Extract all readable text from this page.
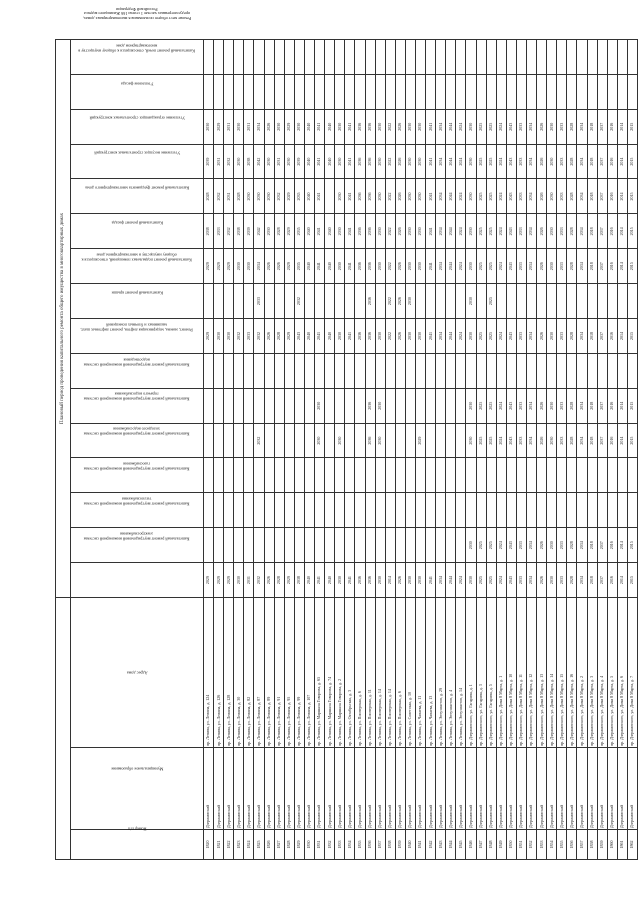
			Плановый период проведения капитального ремонта общего имущества в многоквартирных домах															
Номер п/п	Муниципальное образование	Адрес дома	Капитальный ремонт внутридомовой инженерной системы электроснабжения	Капитальный ремонт внутридомовой инженерной системы теплоснабжения	Капитальный ремонт внутридомовой инженерной системы газоснабжения	Капитальный ремонт внутридомовой инженерной системы холодного водоснабжения	Капитальный ремонт внутридомовой инженерной системы горячего водоснабжения	Капитальный ремонт внутридомовой инженерной системы водоотведения	Ремонт, замена, модернизация лифтов, ремонт лифтовых шахт, машинных и блочных помещений	Капитальный ремонт крыши	Капитальный ремонт подвальных помещений, относящихся к общему имуществу в многоквартирном доме	Капитальный ремонт фасада	Капитальный ремонт фундамента многоквартирного дома	Утепление несущих строительных конструкций	Утепление ограждающих строительных конструкций	Утепление фасада	Капитальный ремонт печей, относящихся к общему имуществу в многоквартирном доме	Ремонт мест общего пользования в многоквартирных домах, предусмотренных частью 1 статьи 166 Жилищного кодекса Российской Федерации
1820	Дзержинский	пр. Ленина, ул. Ленина, д. 124	2029							2029		2029	2038	2028	2039	2030		
1821	Дзержинский	пр. Ленина, ул. Ленина, д. 126	2029							2030		2029	2033	2032	2031	2029		
1822	Дзержинский	пр. Ленина, ул. Ленина, д. 128	2029							2030		2029	2032	2031	2032	2031		
1823	Дзержинский	пр. Ленина, ул. Ленина, д. 30	2030							2032		2030	2038	2028	2030	2030		
1824	Дзержинский	пр. Ленина, ул. Ленина, д. 82	2031							2033		2030	2039	2030	2038	2031		
1825	Дзержинский	пр. Ленина, ул. Ленина, д. 87	2032				2032			2032	2033	2034	2042	2030	2042	2034		
1826	Дзержинский	пр. Ленина, ул. Ленина, д. 89	2026							2026		2026	2030	2030	2030	2026		
1827	Дзержинский	пр. Ленина, ул. Ленина, д. 91	2028							2028		2026	2028	2032	2031	2030		
1828	Дзержинский	пр. Ленина, ул. Ленина, д. 95	2029							2029		2029	2029	2029	2030	2029		
1829	Дзержинский	пр. Ленина, ул. Ленина, д. 99	2038							2043	2032	2035	2035	2035	2039	2030		
1830	Дзержинский	пр. Ленина, ул. Ленина, д. 107	2040							2040		2040	2040	2040	2040	2040		
1831	Дзержинский	пр. Ленина, ул. Маршала Говорова, д. 65	2041				2030	2030		2041		2041	2041	2041	2041	2041		
1832	Дзержинский	пр. Ленина, ул. Маршала Говорова, д. 74	2040							2040		2040	2040		2040	2040		
1833	Дзержинский	пр. Ленина, ул. Маршала Говорова, д. 2	2030				2030			2030		2030	2030	2030	2030	2030		
1834	Дзержинский	пр. Ленина, ул. Октябрьская, д. 3	2041							2041		2041	2041	2041	2041	2041		
1835	Дзержинский	пр. Ленина, ул. Пионерская, д. 6	2036							2036		2036	2036	2036	2036	2036		
1836	Дзержинский	пр. Ленина, ул. Пионерская, д. 11	2036				2036	2036		2036	2036	2036	2036	2036	2036	2036		
1837	Дзержинский	пр. Ленина, ул. Пионерская, д. 14	2030				2030	2030		2030		2030	2030	2030	2030	2030		
1838	Дзержинский	пр. Ленина, ул. Пионерская, д. 14	2014							2022	2022	2022	2022	2022	2022	2022		
1839	Дзержинский	пр. Ленина, ул. Пионерская, д. 6	2026							2026	2026	2026	2026	2026	2026	2026		
1840	Дзержинский	пр. Ленина, ул. Советская, д. 10	2030							2030	2030	2030	2030	2030	2030	2030		
1841	Дзержинский	пр. Ленина, ул. Чапаева, д. 11	2030				2029			2030		2030	2030	2030	2030	2030		
1842	Дзержинский	пр. Ленина, ул. Чапаева, д. 13	2041							2041		2041	2041	2041	2041	2041		
1843	Дзержинский	пр. Ленина, ул. Энтузиастов, д. 29	2034							2034		2034	2034	2034	2034	2034		
1844	Дзержинский	пр. Ленина, ул. Энтузиастов, д. 4	2044							2044		2044	2044	2044	2044	2044		
1845	Дзержинский	пр. Ленина, ул. Энтузиастов, д. 14	2024							2024		2024	2024	2024	2024	2024		
1846	Дзержинский	пр. Дзержинского, ул. Гагарина, д. 1	2030	2030			2030	2030		2030	2030	2030	2030	2030	2030	2030		
1847	Дзержинский	пр. Дзержинского, ул. Гагарина, д. 3	2025	2025			2025	2025		2025		2025	2025	2025	2025	2025		
1848	Дзержинский	пр. Дзержинского, ул. Гагарина, д. 5	2025	2025			2025	2025		2025	2025	2025	2025	2025	2025	2025		
1849	Дзержинский	пр. Дзержинского, ул. Дома 8 Марта, д. 1	2024	2024			2024	2024		2024		2024	2024	2024	2024	2024		
1850	Дзержинский	пр. Дзержинского, ул. Дома 8 Марта, д. 10	2043	2043			2043	2043		2043		2043	2043	2043	2043	2043		
1851	Дзержинский	пр. Дзержинского, ул. Дома 8 Марта, д. 11	2033	2033			2033	2033		2033		2033	2033	2033	2033	2033		
1852	Дзержинский	пр. Дзержинского, ул. Дома 8 Марта, д. 12	2034	2034			2034	2034		2034		2034	2034	2034	2034	2034		
1853	Дзержинский	пр. Дзержинского, ул. Дома 8 Марта, д. 13	2026	2026			2026	2026		2026		2026	2026	2026	2026	2026		
1854	Дзержинский	пр. Дзержинского, ул. Дома 8 Марта, д. 14	2030	2030			2030	2030		2030		2030	2030	2030	2030	2030		
1855	Дзержинский	пр. Дзержинского, ул. Дома 8 Марта, д. 15	2033	2033			2033	2033		2033		2033	2033	2033	2033	2033		
1856	Дзержинский	пр. Дзержинского, ул. Дома 8 Марта, д. 16	2028	2028			2028	2028		2028		2028	2028	2028	2028	2028		
1857	Дзержинский	пр. Дзержинского, ул. Дома 8 Марта, д. 2	2034	2034			2034	2034		2034		2034	2034	2034	2034	2034		
1858	Дзержинский	пр. Дзержинского, ул. Дома 8 Марта, д. 3	2018	2018			2018	2018		2018		2018	2018	2018	2018	2018		
1859	Дзержинский	пр. Дзержинского, ул. Дома 8 Марта, д. 4	2037	2037			2037	2037		2037		2037	2037	2037	2037	2037		
1860	Дзержинский	пр. Дзержинского, ул. Дома 8 Марта, д. 5	2016	2016			2016	2016		2016		2016	2016	2016	2016	2016		
1861	Дзержинский	пр. Дзержинского, ул. Дома 8 Марта, д. 6	2014	2014			2014	2014		2014		2014	2014	2014	2014	2014		
1862	Дзержинский	пр. Дзержинского, ул. Дома 8 Марта, д. 7	2015	2015			2015	2015		2015		2015	2015	2015	2015	2015		
